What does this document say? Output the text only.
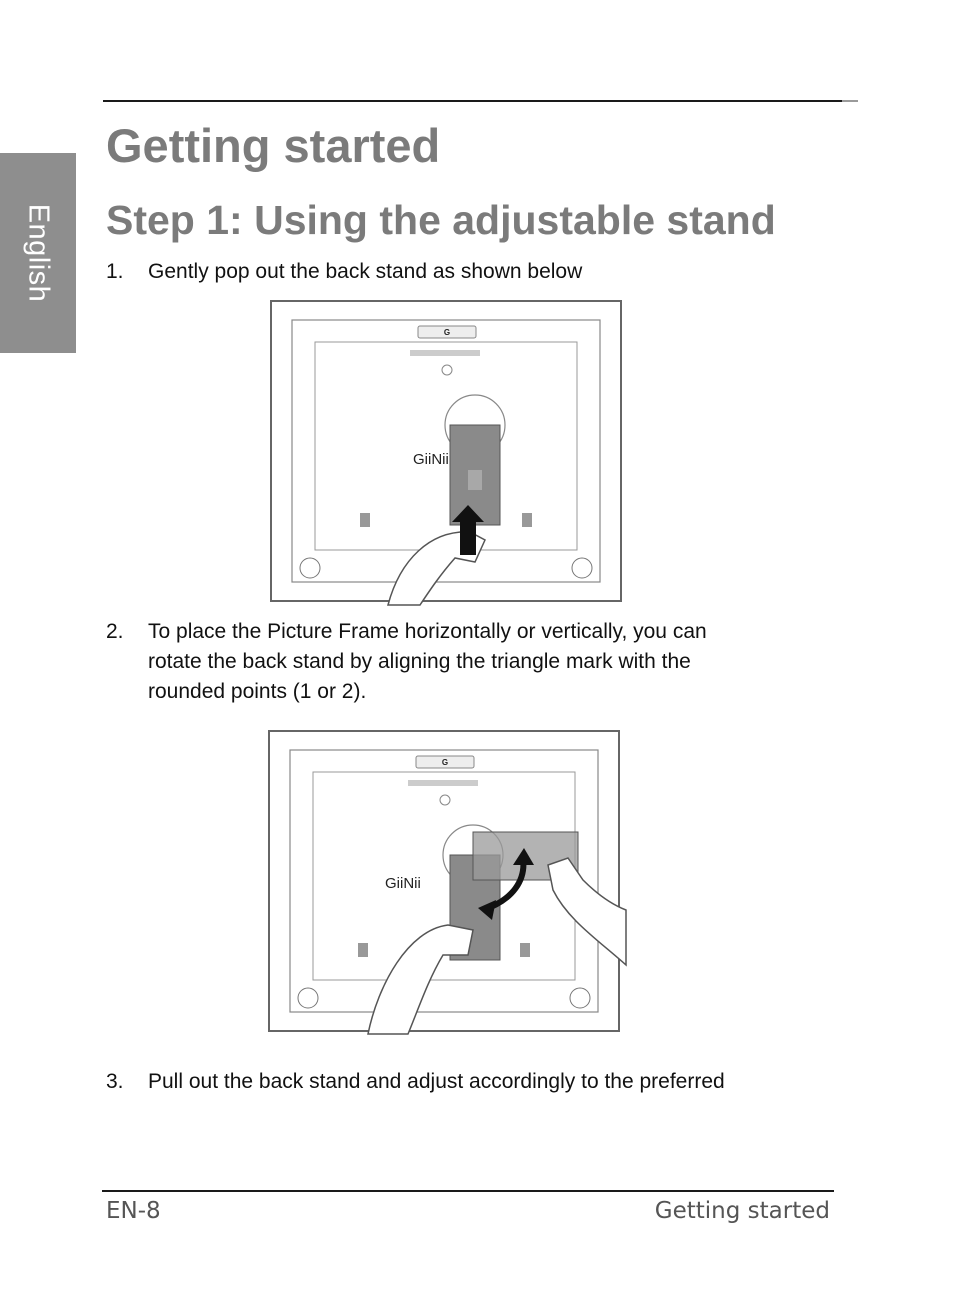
English
Getting started
Step 1: Using the adjustable stand
1. Gently pop out the back stand as shown below
G
GiiNii
2. To place the Picture Frame horizontally or vertically, you can
rotate the back stand by aligning the triangle mark with the
rounded points (1 or 2).
G
GiiNii
3. Pull out the back stand and adjust accordingly to the preferred
EN-8	Getting started
